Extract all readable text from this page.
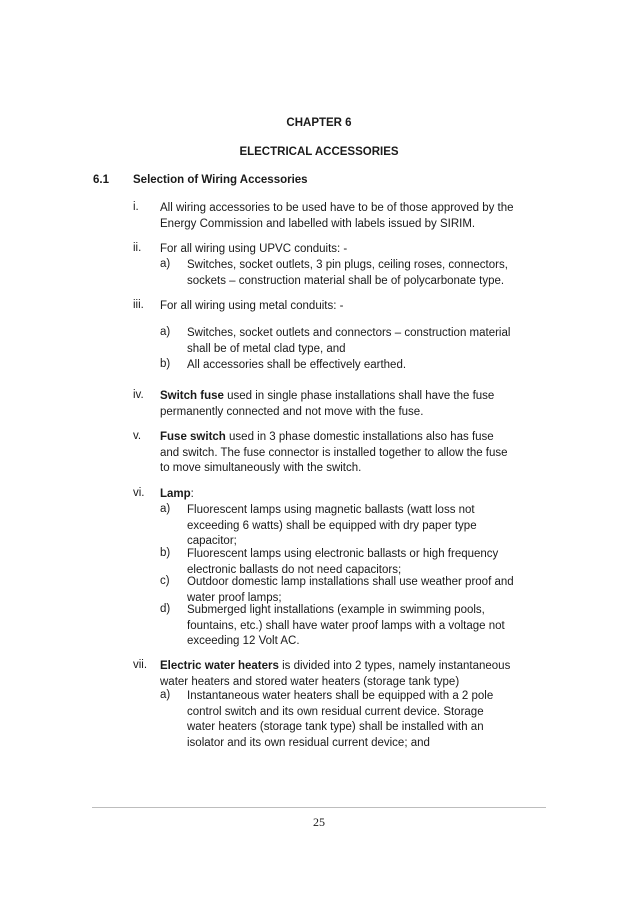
CHAPTER 6
ELECTRICAL ACCESSORIES
6.1 Selection of Wiring Accessories
i. All wiring accessories to be used have to be of those approved by the
Energy Commission and labelled with labels issued by SIRIM.
ii. For all wiring using UPVC conduits: -
a) Switches, socket outlets, 3 pin plugs, ceiling roses, connectors,
sockets – construction material shall be of polycarbonate type.
iii. For all wiring using metal conduits: -
a) Switches, socket outlets and connectors – construction material
shall be of metal clad type, and
b) All accessories shall be effectively earthed.
iv. Switch fuse used in single phase installations shall have the fuse
permanently connected and not move with the fuse.
v. Fuse switch used in 3 phase domestic installations also has fuse
and switch. The fuse connector is installed together to allow the fuse
to move simultaneously with the switch.
vi. Lamp:
a) Fluorescent lamps using magnetic ballasts (watt loss not
exceeding 6 watts) shall be equipped with dry paper type
capacitor;
b) Fluorescent lamps using electronic ballasts or high frequency
electronic ballasts do not need capacitors;
c) Outdoor domestic lamp installations shall use weather proof and
water proof lamps;
d) Submerged light installations (example in swimming pools,
fountains, etc.) shall have water proof lamps with a voltage not
exceeding 12 Volt AC.
vii. Electric water heaters is divided into 2 types, namely instantaneous
water heaters and stored water heaters (storage tank type)
a) Instantaneous water heaters shall be equipped with a 2 pole
control switch and its own residual current device. Storage
water heaters (storage tank type) shall be installed with an
isolator and its own residual current device; and
25
